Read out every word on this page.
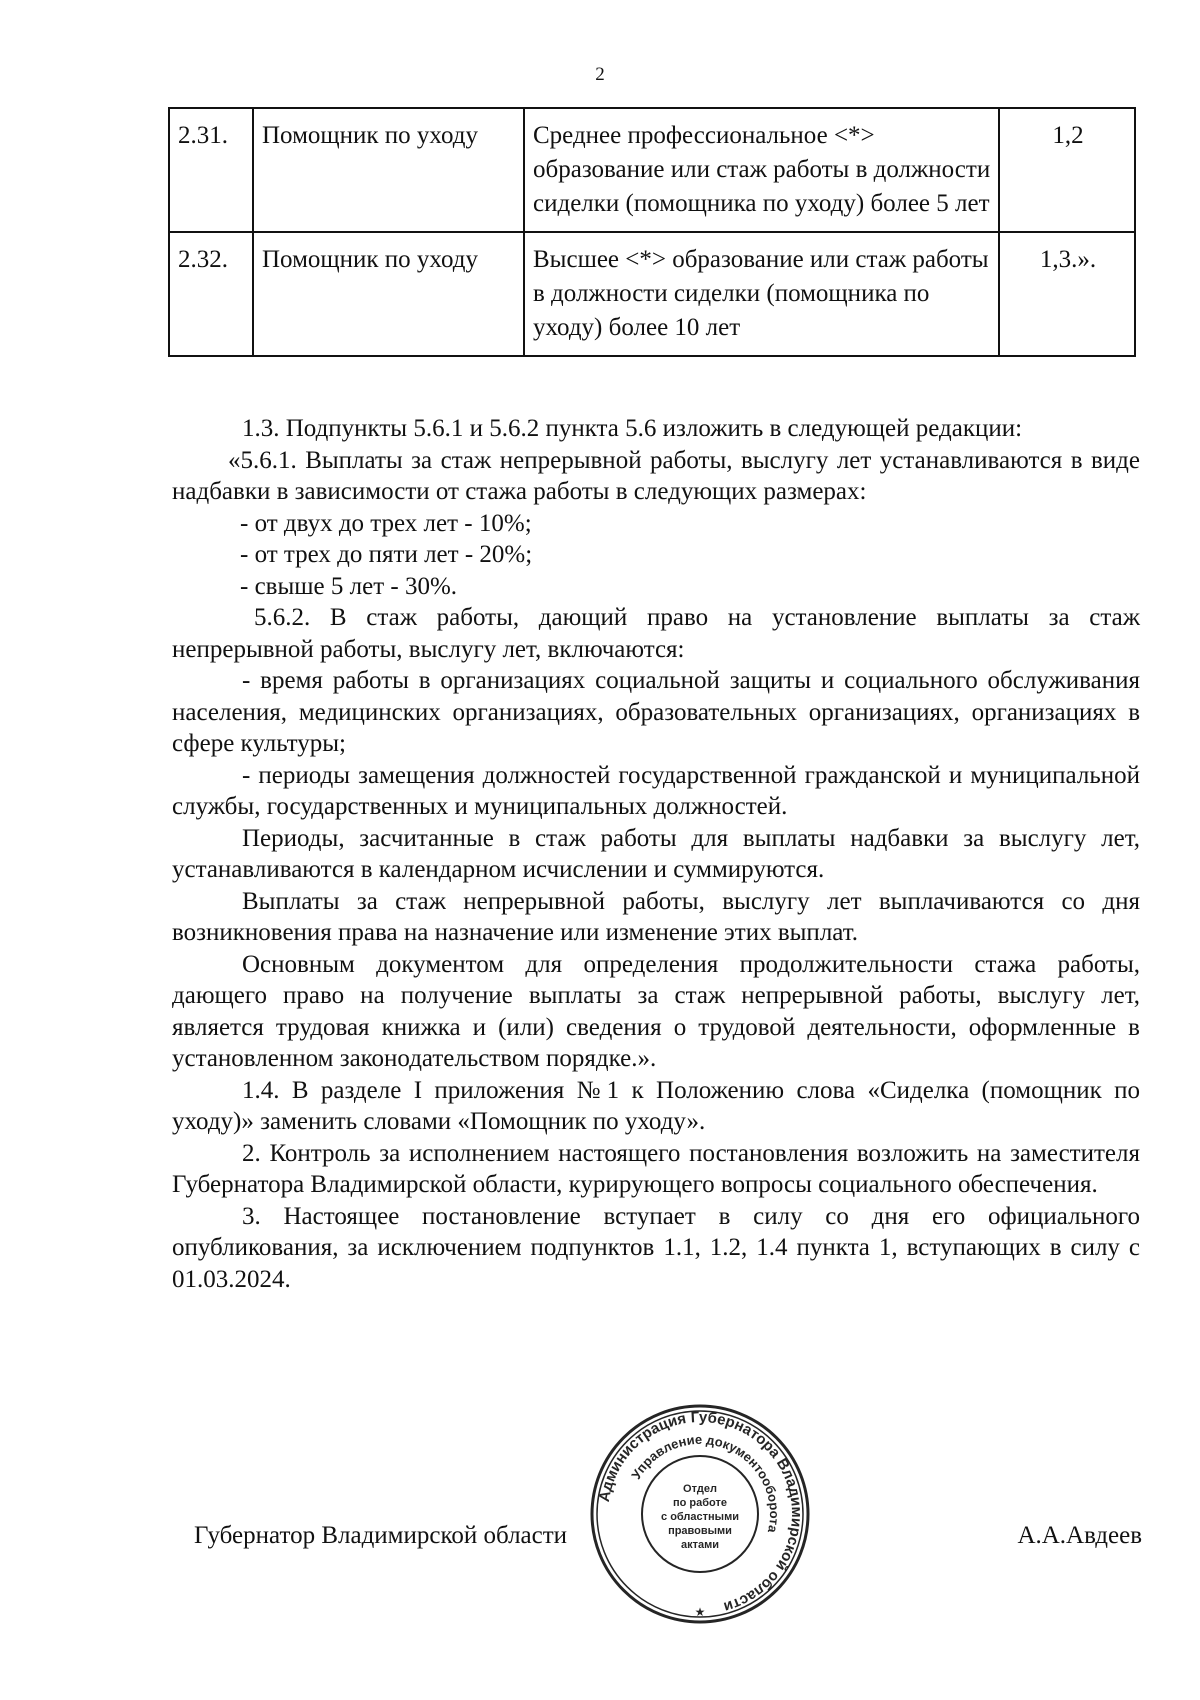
2
2.31.	Помощник по уходу	Среднее профессиональное <*> образование или стаж работы в должности сиделки (помощника по уходу) более 5 лет	1,2
2.32.	Помощник по уходу	Высшее <*> образование или стаж работы в должности сиделки (помощника по уходу) более 10 лет	1,3.».

1.3. Подпункты 5.6.1 и 5.6.2 пункта 5.6 изложить в следующей редакции:

«5.6.1. Выплаты за стаж непрерывной работы, выслугу лет устанавливаются в виде надбавки в зависимости от стажа работы в следующих размерах:

- от двух до трех лет - 10%;

- от трех до пяти лет - 20%;

- свыше 5 лет - 30%.

5.6.2. В стаж работы, дающий право на установление выплаты за стаж непрерывной работы, выслугу лет, включаются:

- время работы в организациях социальной защиты и социального обслуживания населения, медицинских организациях, образовательных организациях, организациях в сфере культуры;

- периоды замещения должностей государственной гражданской и муниципальной службы, государственных и муниципальных должностей.

Периоды, засчитанные в стаж работы для выплаты надбавки за выслугу лет, устанавливаются в календарном исчислении и суммируются.

Выплаты за стаж непрерывной работы, выслугу лет выплачиваются со дня возникновения права на назначение или изменение этих выплат.

Основным документом для определения продолжительности стажа работы, дающего право на получение выплаты за стаж непрерывной работы, выслугу лет, является трудовая книжка и (или) сведения о трудовой деятельности, оформленные в установленном законодательством порядке.».

1.4. В разделе I приложения №1 к Положению слова «Сиделка (помощник по уходу)» заменить словами «Помощник по уходу».

2. Контроль за исполнением настоящего постановления возложить на заместителя Губернатора Владимирской области, курирующего вопросы социального обеспечения.

3. Настоящее постановление вступает в силу со дня его официального опубликования, за исключением подпунктов 1.1, 1.2, 1.4 пункта 1, вступающих в силу с 01.03.2024.

Губернатор Владимирской области	А.А.Авдеев
Администрация Губернатора Владимирской области
Управление документооборота
Отдел
по работе
с областными
правовыми
актами
★
